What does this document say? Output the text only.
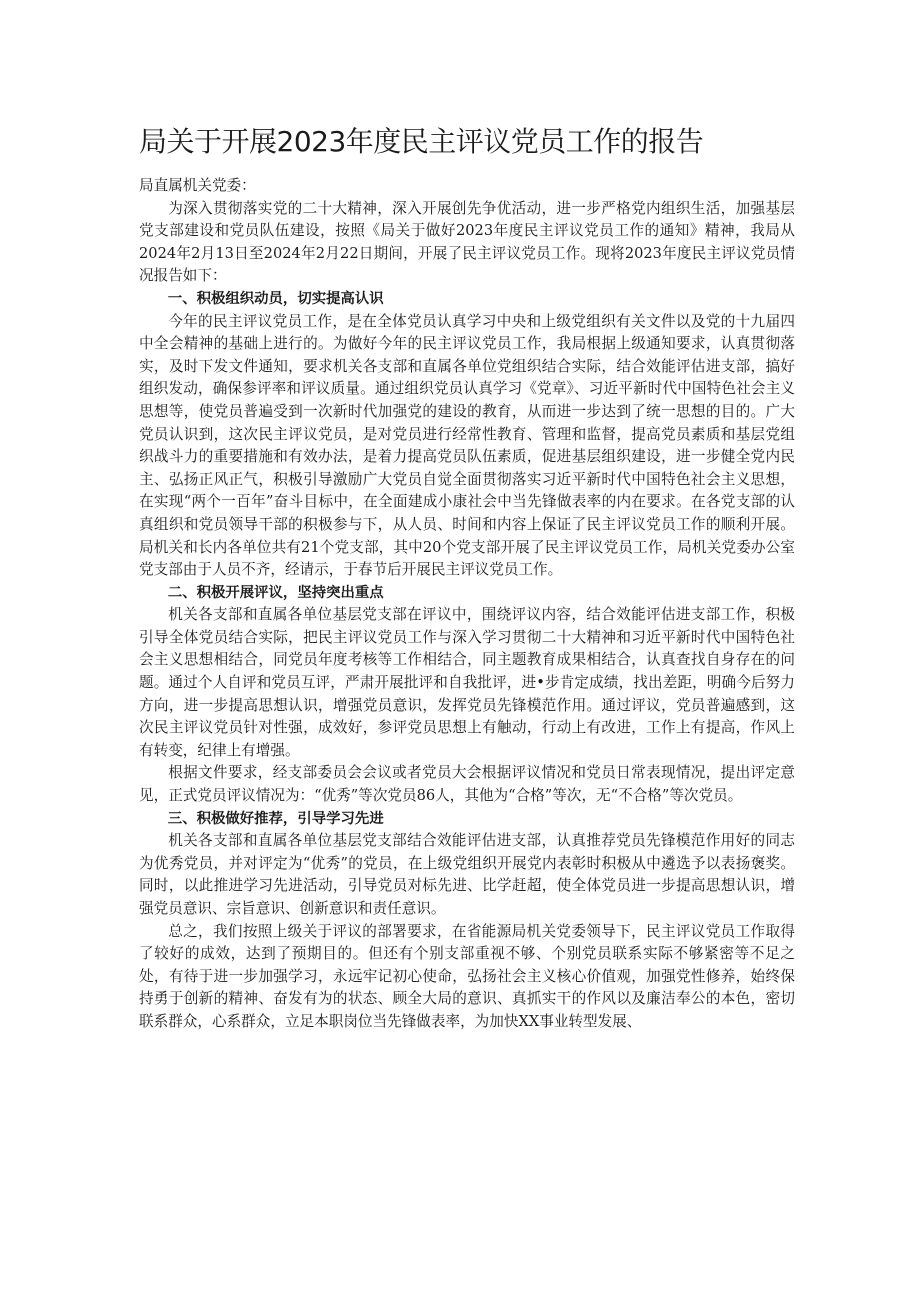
局关于开展2023年度民主评议党员工作的报告

局直属机关党委：

为深入贯彻落实党的二十大精神，深入开展创先争优活动，进一步严格党内组织生活，加强基层党支部建设和党员队伍建设，按照《局关于做好2023年度民主评议党员工作的通知》精神，我局从2024年2月13日至2024年2月22日期间，开展了民主评议党员工作。现将2023年度民主评议党员情况报告如下：

一、积极组织动员，切实提高认识

今年的民主评议党员工作，是在全体党员认真学习中央和上级党组织有关文件以及党的十九届四中全会精神的基础上进行的。为做好今年的民主评议党员工作，我局根据上级通知要求，认真贯彻落实，及时下发文件通知，要求机关各支部和直属各单位党组织结合实际，结合效能评估进支部，搞好组织发动，确保参评率和评议质量。通过组织党员认真学习《党章》、习近平新时代中国特色社会主义思想等，使党员普遍受到一次新时代加强党的建设的教育，从而进一步达到了统一思想的目的。广大党员认识到，这次民主评议党员，是对党员进行经常性教育、管理和监督，提高党员素质和基层党组织战斗力的重要措施和有效办法，是着力提高党员队伍素质，促进基层组织建设，进一步健全党内民主、弘扬正风正气，积极引导激励广大党员自觉全面贯彻落实习近平新时代中国特色社会主义思想，在实现“两个一百年”奋斗目标中，在全面建成小康社会中当先锋做表率的内在要求。在各党支部的认真组织和党员领导干部的积极参与下，从人员、时间和内容上保证了民主评议党员工作的顺利开展。局机关和长内各单位共有21个党支部，其中20个党支部开展了民主评议党员工作，局机关党委办公室党支部由于人员不齐，经请示，于春节后开展民主评议党员工作。

二、积极开展评议，坚持突出重点

机关各支部和直属各单位基层党支部在评议中，围绕评议内容，结合效能评估进支部工作，积极引导全体党员结合实际，把民主评议党员工作与深入学习贯彻二十大精神和习近平新时代中国特色社会主义思想相结合，同党员年度考核等工作相结合，同主题教育成果相结合，认真查找自身存在的问题。通过个人自评和党员互评，严肃开展批评和自我批评，进•步肯定成绩，找出差距，明确今后努力方向，进一步提高思想认识，增强党员意识，发挥党员先锋模范作用。通过评议，党员普遍感到，这次民主评议党员针对性强，成效好，参评党员思想上有触动，行动上有改进，工作上有提高，作风上有转变，纪律上有增强。

根据文件要求，经支部委员会会议或者党员大会根据评议情况和党员日常表现情况，提出评定意见，正式党员评议情况为：“优秀”等次党员86人，其他为“合格”等次，无“不合格”等次党员。

三、积极做好推荐，引导学习先进

机关各支部和直属各单位基层党支部结合效能评估进支部，认真推荐党员先锋模范作用好的同志为优秀党员，并对评定为“优秀”的党员，在上级党组织开展党内表彰时积极从中遴选予以表扬褒奖。同时，以此推进学习先进活动，引导党员对标先进、比学赶超，使全体党员进一步提高思想认识，增强党员意识、宗旨意识、创新意识和责任意识。

总之，我们按照上级关于评议的部署要求，在省能源局机关党委领导下，民主评议党员工作取得了较好的成效，达到了预期目的。但还有个别支部重视不够、个别党员联系实际不够紧密等不足之处，有待于进一步加强学习，永远牢记初心使命，弘扬社会主义核心价值观，加强党性修养，始终保持勇于创新的精神、奋发有为的状态、顾全大局的意识、真抓实干的作风以及廉洁奉公的本色，密切联系群众，心系群众，立足本职岗位当先锋做表率，为加快XX事业转型发展、
